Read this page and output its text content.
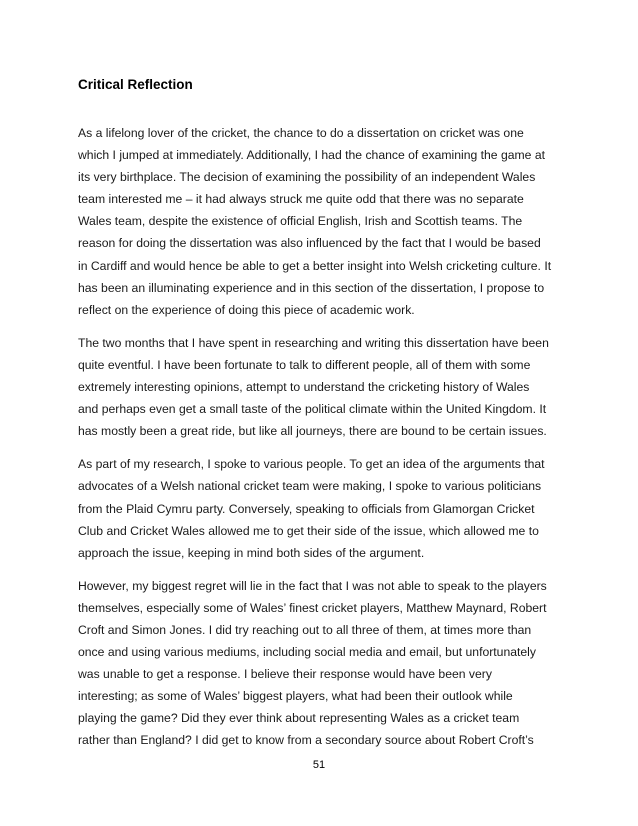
Critical Reflection

As a lifelong lover of the cricket, the chance to do a dissertation on cricket was one
which I jumped at immediately. Additionally, I had the chance of examining the game at
its very birthplace. The decision of examining the possibility of an independent Wales
team interested me – it had always struck me quite odd that there was no separate
Wales team, despite the existence of official English, Irish and Scottish teams. The
reason for doing the dissertation was also influenced by the fact that I would be based
in Cardiff and would hence be able to get a better insight into Welsh cricketing culture. It
has been an illuminating experience and in this section of the dissertation, I propose to
reflect on the experience of doing this piece of academic work.

The two months that I have spent in researching and writing this dissertation have been
quite eventful. I have been fortunate to talk to different people, all of them with some
extremely interesting opinions, attempt to understand the cricketing history of Wales
and perhaps even get a small taste of the political climate within the United Kingdom. It
has mostly been a great ride, but like all journeys, there are bound to be certain issues.

As part of my research, I spoke to various people. To get an idea of the arguments that
advocates of a Welsh national cricket team were making, I spoke to various politicians
from the Plaid Cymru party. Conversely, speaking to officials from Glamorgan Cricket
Club and Cricket Wales allowed me to get their side of the issue, which allowed me to
approach the issue, keeping in mind both sides of the argument.

However, my biggest regret will lie in the fact that I was not able to speak to the players
themselves, especially some of Wales’ finest cricket players, Matthew Maynard, Robert
Croft and Simon Jones. I did try reaching out to all three of them, at times more than
once and using various mediums, including social media and email, but unfortunately
was unable to get a response. I believe their response would have been very
interesting; as some of Wales’ biggest players, what had been their outlook while
playing the game? Did they ever think about representing Wales as a cricket team
rather than England? I did get to know from a secondary source about Robert Croft’s

51
